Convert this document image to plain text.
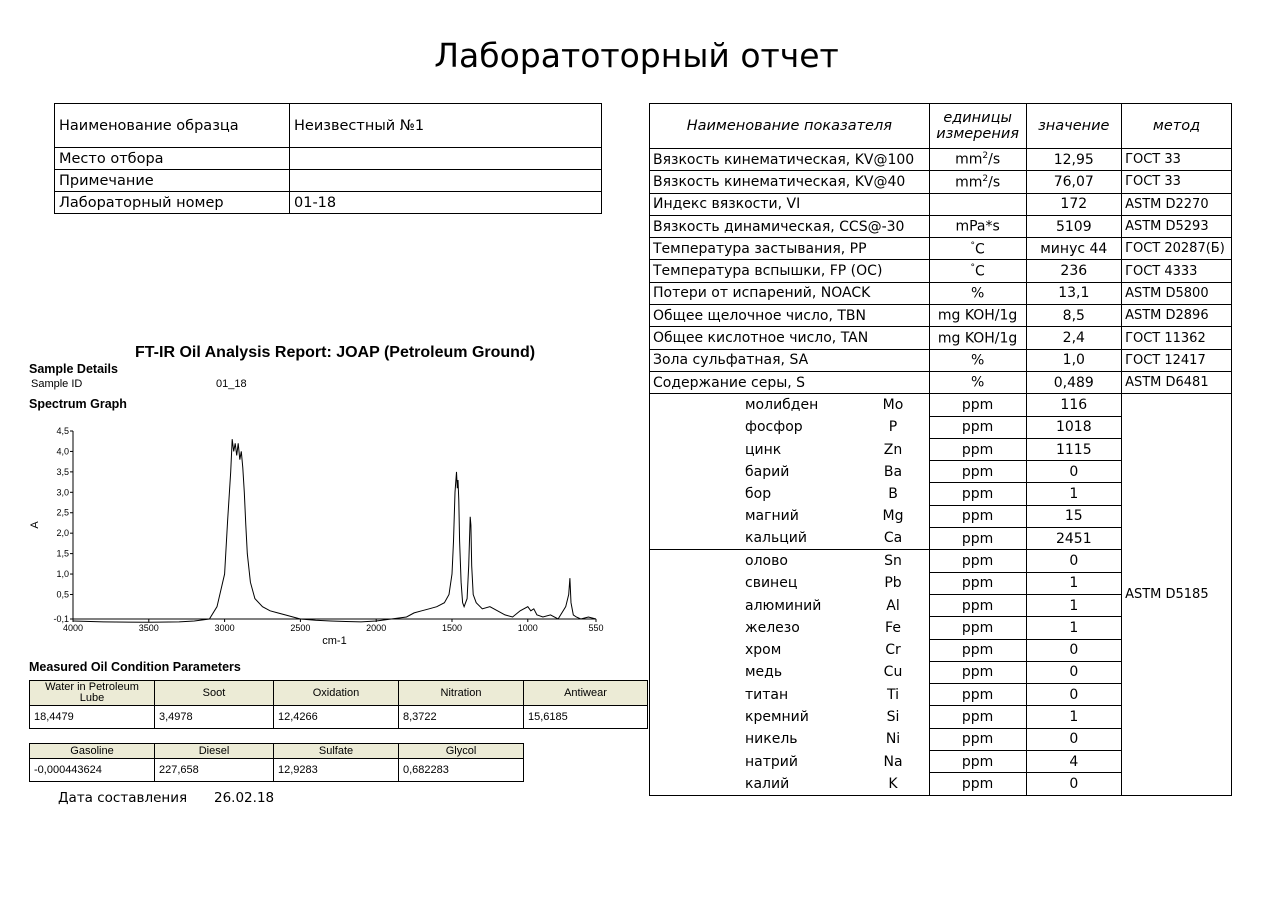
Лаборатоторный отчет
Наименование образца	Неизвестный №1
Место отбора	
Примечание	
Лабораторный номер	01-18
Наименование показателя	единицы измерения	значение	метод
Вязкость кинематическая, KV@100	$mm^2/s$	12,95	ГОСТ 33
Вязкость кинематическая, KV@40	$mm^2/s$	76,07	ГОСТ 33
Индекс вязкости, VI		172	ASTM D2270
Вязкость динамическая, CCS@-30	mPa*s	5109	ASTM D5293
Температура застывания, PP	°C	минус 44	ГОСТ 20287(Б)
Температура вспышки, FP (OC)	°C	236	ГОСТ 4333
Потери от испарений, NOACK	%	13,1	ASTM D5800
Общее щелочное число, TBN	mg KOH/1g	8,5	ASTM D2896
Общее кислотное число, TAN	mg KOH/1g	2,4	ГОСТ 11362
Зола сульфатная, SA	%	1,0	ГОСТ 12417
Содержание серы, S	%	0,489	ASTM D6481
молибден Mo	ppm	116	ASTM D5185
фосфор P	ppm	1018	
цинк Zn	ppm	1115	
барий Ba	ppm	0	
бор B	ppm	1	
магний Mg	ppm	15	
кальций Ca	ppm	2451	
олово Sn	ppm	0	
свинец Pb	ppm	1	
алюминий Al	ppm	1	
железо Fe	ppm	1	
хром Cr	ppm	0	
медь Cu	ppm	0	
титан Ti	ppm	0	
кремний Si	ppm	1	
никель Ni	ppm	0	
натрий Na	ppm	4	
калий K	ppm	0	
FT-IR Oil Analysis Report: JOAP (Petroleum Ground)
Sample Details
Sample ID	01_18
Spectrum Graph
-0,1
0,5
1,0
1,5
2,0
2,5
3,0
3,5
4,0
4,5
4000	3500	3000	2500	2000	1500	1000	550
cm-1
A
Measured Oil Condition Parameters
Water in Petroleum Lube	Soot	Oxidation	Nitration	Antiwear
18,4479	3,4978	12,4266	8,3722	15,6185
Gasoline	Diesel	Sulfate	Glycol
-0,000443624	227,658	12,9283	0,682283
Дата составления 26.02.18
